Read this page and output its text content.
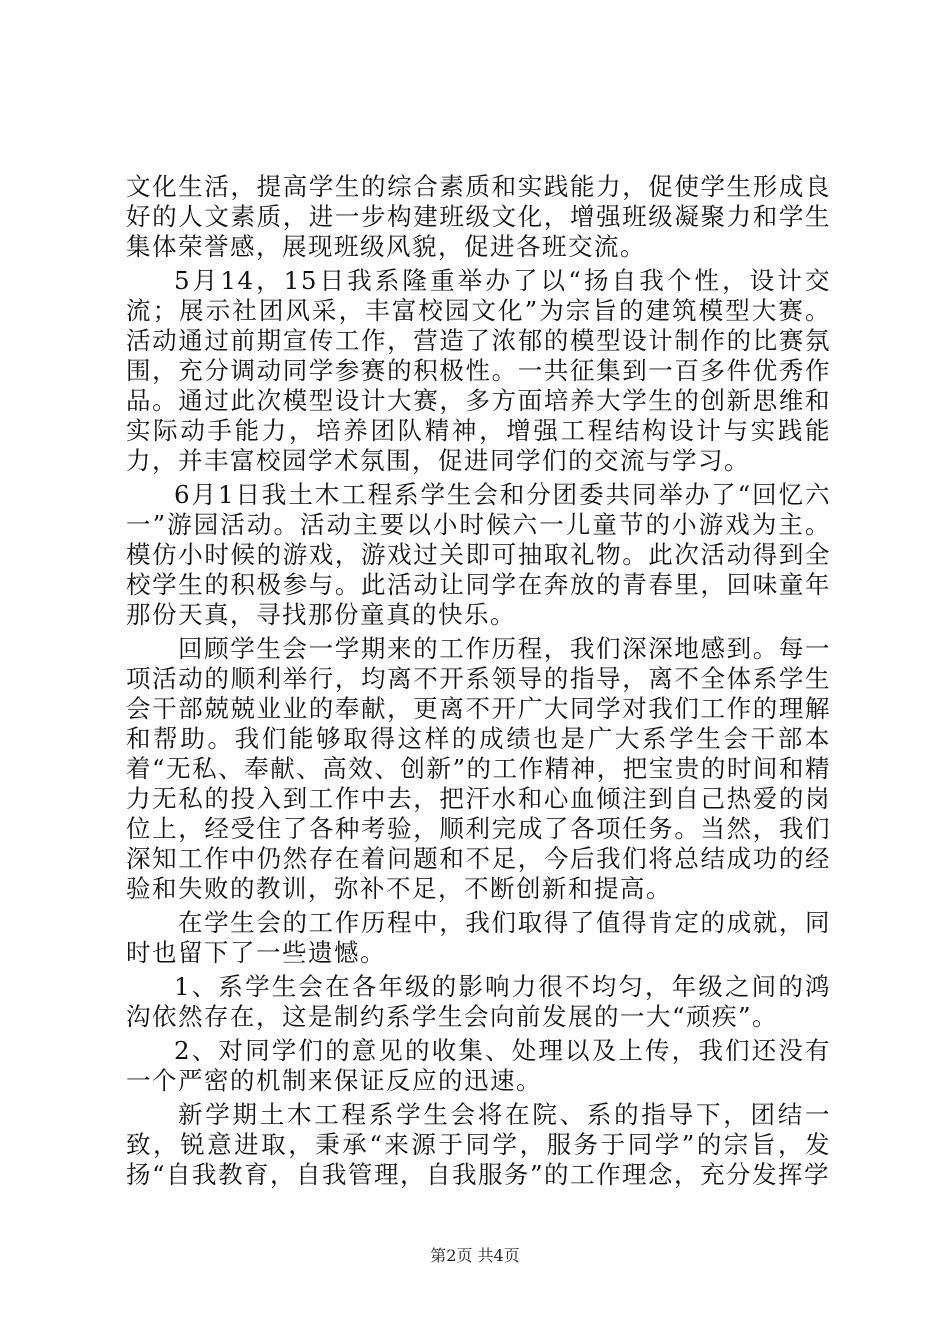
文化生活，提高学生的综合素质和实践能力，促使学生形成良好的人文素质，进一步构建班级文化，增强班级凝聚力和学生集体荣誉感，展现班级风貌，促进各班交流。

5月14，15日我系隆重举办了以“扬自我个性，设计交流；展示社团风采，丰富校园文化”为宗旨的建筑模型大赛。活动通过前期宣传工作，营造了浓郁的模型设计制作的比赛氛围，充分调动同学参赛的积极性。一共征集到一百多件优秀作品。通过此次模型设计大赛，多方面培养大学生的创新思维和实际动手能力，培养团队精神，增强工程结构设计与实践能力，并丰富校园学术氛围，促进同学们的交流与学习。

6月1日我土木工程系学生会和分团委共同举办了“回忆六一”游园活动。活动主要以小时候六一儿童节的小游戏为主。模仿小时候的游戏，游戏过关即可抽取礼物。此次活动得到全校学生的积极参与。此活动让同学在奔放的青春里，回味童年那份天真，寻找那份童真的快乐。

回顾学生会一学期来的工作历程，我们深深地感到。每一项活动的顺利举行，均离不开系领导的指导，离不全体系学生会干部兢兢业业的奉献，更离不开广大同学对我们工作的理解和帮助。我们能够取得这样的成绩也是广大系学生会干部本着“无私、奉献、高效、创新”的工作精神，把宝贵的时间和精力无私的投入到工作中去，把汗水和心血倾注到自己热爱的岗位上，经受住了各种考验，顺利完成了各项任务。当然，我们深知工作中仍然存在着问题和不足，今后我们将总结成功的经验和失败的教训，弥补不足，不断创新和提高。

在学生会的工作历程中，我们取得了值得肯定的成就，同时也留下了一些遗憾。

1、系学生会在各年级的影响力很不均匀，年级之间的鸿沟依然存在，这是制约系学生会向前发展的一大“顽疾”。

2、对同学们的意见的收集、处理以及上传，我们还没有一个严密的机制来保证反应的迅速。

新学期土木工程系学生会将在院、系的指导下，团结一致，锐意进取，秉承“来源于同学，服务于同学”的宗旨，发扬“自我教育，自我管理，自我服务”的工作理念，充分发挥学

第2页 共4页
